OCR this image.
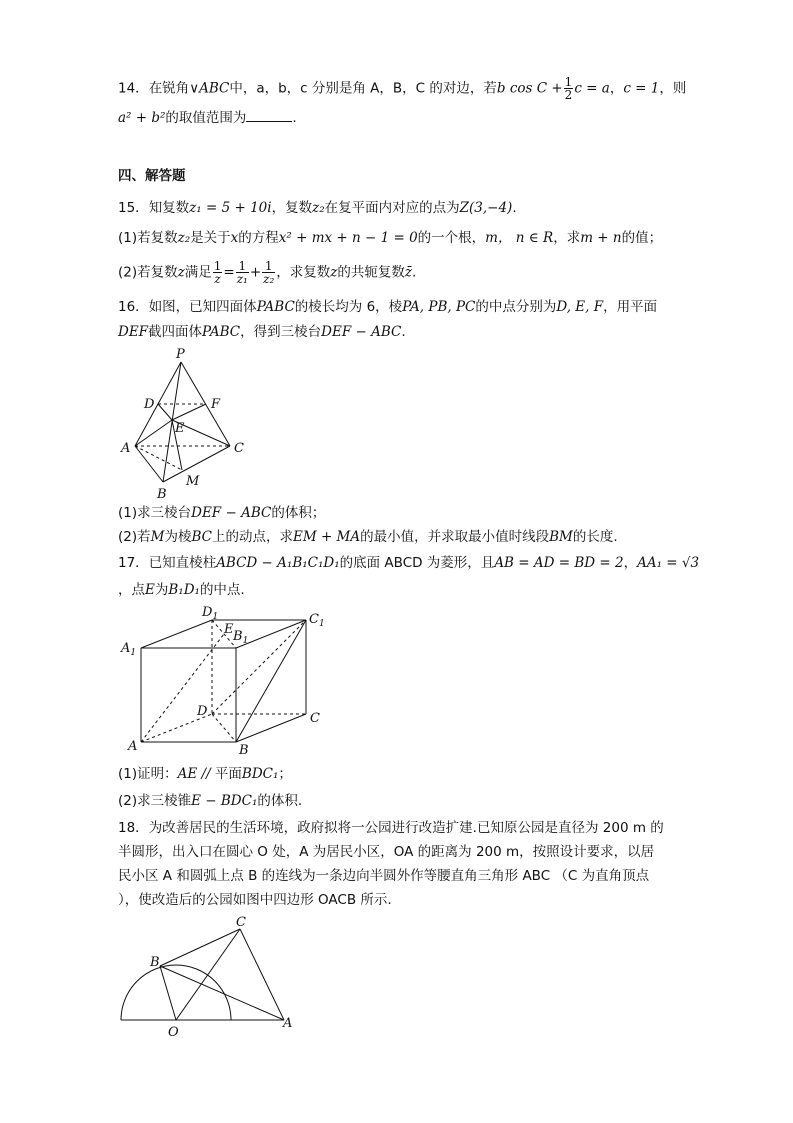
14．在锐角∨ABC中，a，b，c 分别是角 A，B，C 的对边，若b $\cos C + \frac{1}{2}$ c = a，c = 1，则
a² + b²的取值范围为	.
四、解答题
15．知复数z₁ = 5 + 10i，复数z₂在复平面内对应的点为Z(3,−4).
(1)若复数z₂是关于x的方程x² + mx + n − 1 = 0的一个根，m， n ∈ R，求m + n的值；
(2)若复数z满足 $\frac{1}{z} = \frac{1}{\text{z₁}} + \frac{1}{\text{z₂}}$ ，求复数z的共轭复数z̄.
16．如图，已知四面体PABC的棱长均为 6，棱PA, PB, PC的中点分别为D, E, F，用平面
DEF截四面体PABC，得到三棱台DEF − ABC.
P
D	F
E
A	C
M
B
(1)求三棱台DEF − ABC的体积；
(2)若M为棱BC上的动点，求EM + MA的最小值，并求取最小值时线段BM的长度.
17．已知直棱柱ABCD − A₁B₁C₁D₁的底面 ABCD 为菱形，且AB = AD = BD = 2，AA₁ = √3
，点E为B₁D₁的中点.
$D_1$	$C_1$
E $B_1$
$A_1$
D	C
A	B
(1)证明：AE // 平面BDC₁；
(2)求三棱锥E − BDC₁的体积.
18．为改善居民的生活环境，政府拟将一公园进行改造扩建.已知原公园是直径为 200 m 的
半圆形，出入口在圆心 O 处，A 为居民小区，OA 的距离为 200 m，按照设计要求，以居
民小区 A 和圆弧上点 B 的连线为一条边向半圆外作等腰直角三角形 ABC （C 为直角顶点
），使改造后的公园如图中四边形 OACB 所示.
C
B
O
A
